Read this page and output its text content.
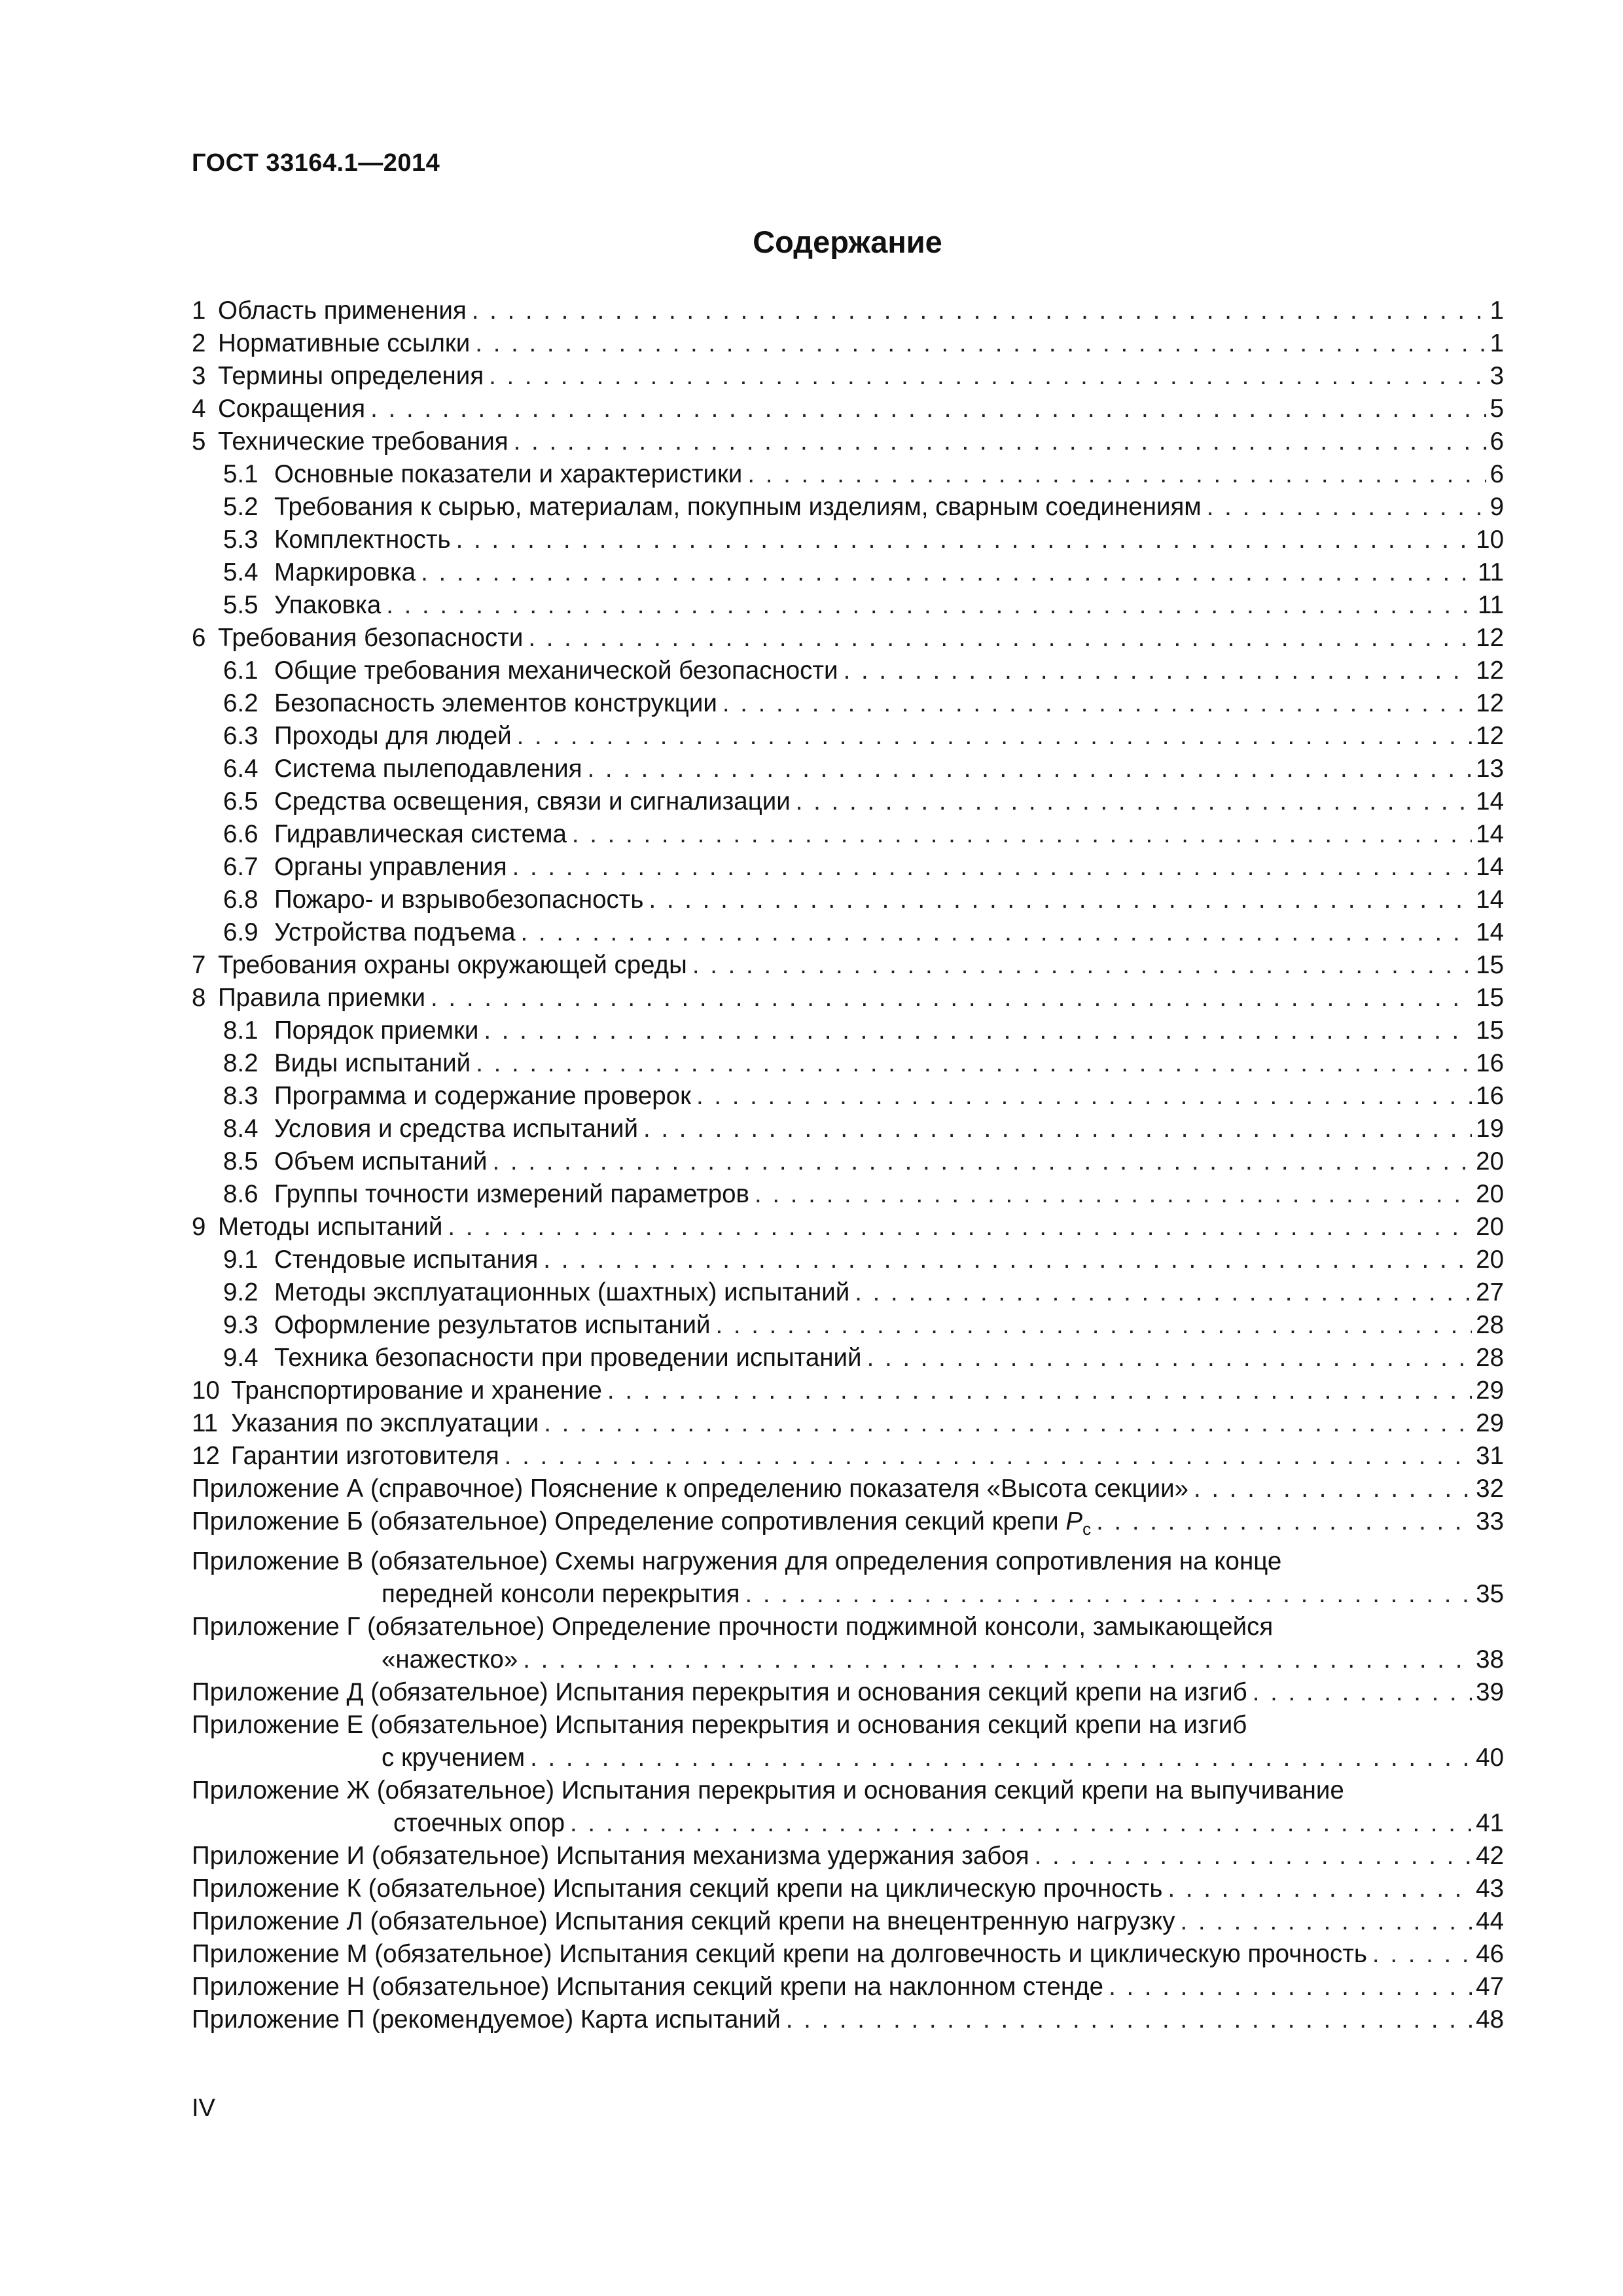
ГОСТ 33164.1—2014
Содержание
1 Область применения . . .	1
2 Нормативные ссылки . . .	1
3 Термины определения . . .	3
4 Сокращения . . .	5
5 Технические требования . . .	6
5.1 Основные показатели и характеристики . . .	6
5.2 Требования к сырью, материалам, покупным изделиям, сварным соединениям . . .	9
5.3 Комплектность . . .	10
5.4 Маркировка . . .	11
5.5 Упаковка . . .	11
6 Требования безопасности . . .	12
6.1 Общие требования механической безопасности . . .	12
6.2 Безопасность элементов конструкции . . .	12
6.3 Проходы для людей . . .	12
6.4 Система пылеподавления . . .	13
6.5 Средства освещения, связи и сигнализации . . .	14
6.6 Гидравлическая система . . .	14
6.7 Органы управления . . .	14
6.8 Пожаро- и взрывобезопасность . . .	14
6.9 Устройства подъема . . .	14
7 Требования охраны окружающей среды . . .	15
8 Правила приемки . . .	15
8.1 Порядок приемки . . .	15
8.2 Виды испытаний . . .	16
8.3 Программа и содержание проверок . . .	16
8.4 Условия и средства испытаний . . .	19
8.5 Объем испытаний . . .	20
8.6 Группы точности измерений параметров . . .	20
9 Методы испытаний . . .	20
9.1 Стендовые испытания . . .	20
9.2 Методы эксплуатационных (шахтных) испытаний . . .	27
9.3 Оформление результатов испытаний . . .	28
9.4 Техника безопасности при проведении испытаний . . .	28
10 Транспортирование и хранение . . .	29
11 Указания по эксплуатации . . .	29
12 Гарантии изготовителя . . .	31
Приложение А (справочное) Пояснение к определению показателя «Высота секции» . . .	32
Приложение Б (обязательное) Определение сопротивления секций крепи $P_c$ . . .	33
Приложение В (обязательное) Схемы нагружения для определения сопротивления на конце
передней консоли перекрытия . . .	35
Приложение Г (обязательное) Определение прочности поджимной консоли, замыкающейся
«нажестко» . . .	38
Приложение Д (обязательное) Испытания перекрытия и основания секций крепи на изгиб . . .	39
Приложение Е (обязательное) Испытания перекрытия и основания секций крепи на изгиб
с кручением . . .	40
Приложение Ж (обязательное) Испытания перекрытия и основания секций крепи на выпучивание
стоечных опор . . .	41
Приложение И (обязательное) Испытания механизма удержания забоя . . .	42
Приложение К (обязательное) Испытания секций крепи на циклическую прочность . . .	43
Приложение Л (обязательное) Испытания секций крепи на внецентренную нагрузку . . .	44
Приложение М (обязательное) Испытания секций крепи на долговечность и циклическую прочность . . .	46
Приложение Н (обязательное) Испытания секций крепи на наклонном стенде . . .	47
Приложение П (рекомендуемое) Карта испытаний . . .	48
IV
